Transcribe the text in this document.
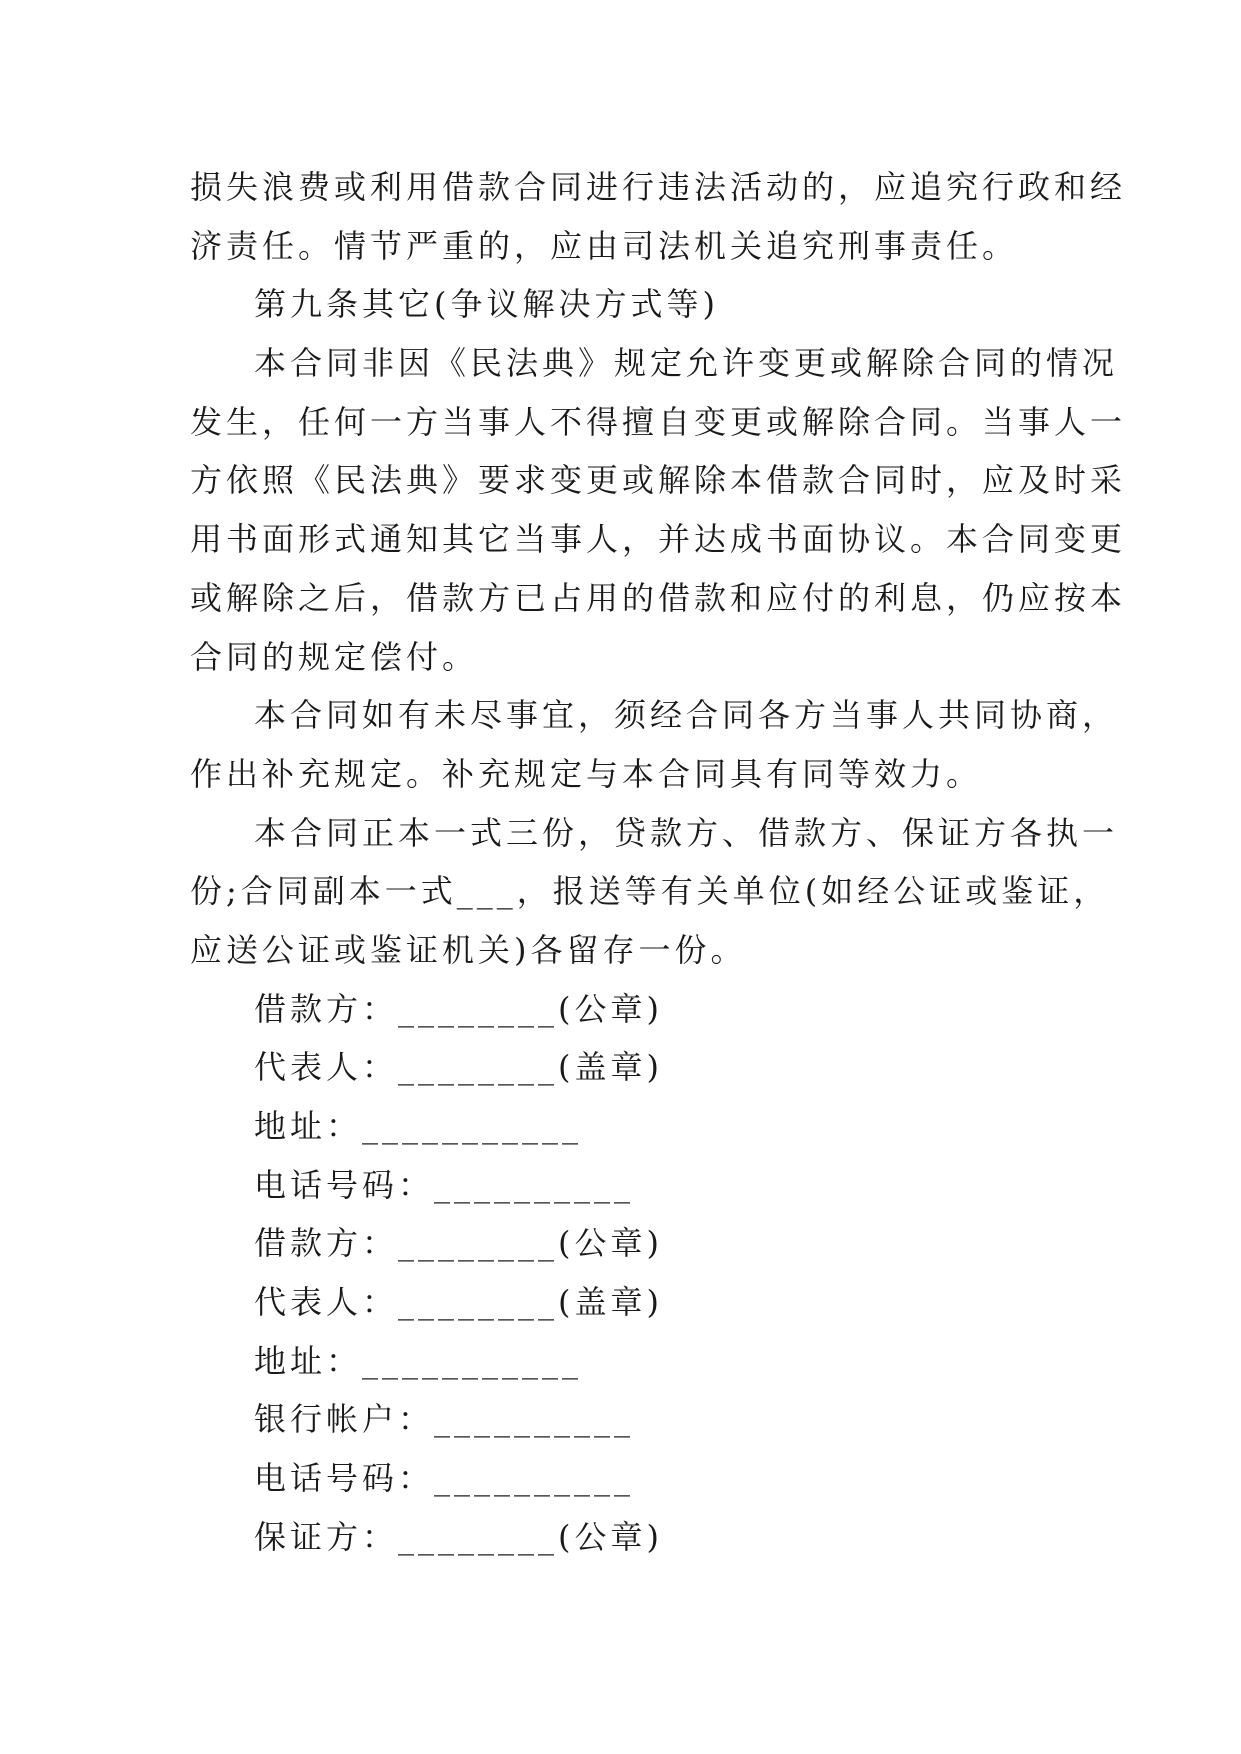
损失浪费或利用借款合同进行违法活动的，应追究行政和经
济责任。情节严重的，应由司法机关追究刑事责任。
第九条其它(争议解决方式等)
本合同非因《民法典》规定允许变更或解除合同的情况
发生，任何一方当事人不得擅自变更或解除合同。当事人一
方依照《民法典》要求变更或解除本借款合同时，应及时采
用书面形式通知其它当事人，并达成书面协议。本合同变更
或解除之后，借款方已占用的借款和应付的利息，仍应按本
合同的规定偿付。
本合同如有未尽事宜，须经合同各方当事人共同协商，
作出补充规定。补充规定与本合同具有同等效力。
本合同正本一式三份，贷款方、借款方、保证方各执一
份;合同副本一式___，报送等有关单位(如经公证或鉴证，
应送公证或鉴证机关)各留存一份。
借款方：________(公章)
代表人：________(盖章)
地址：___________
电话号码：__________
借款方：________(公章)
代表人：________(盖章)
地址：___________
银行帐户：__________
电话号码：__________
保证方：________(公章)
